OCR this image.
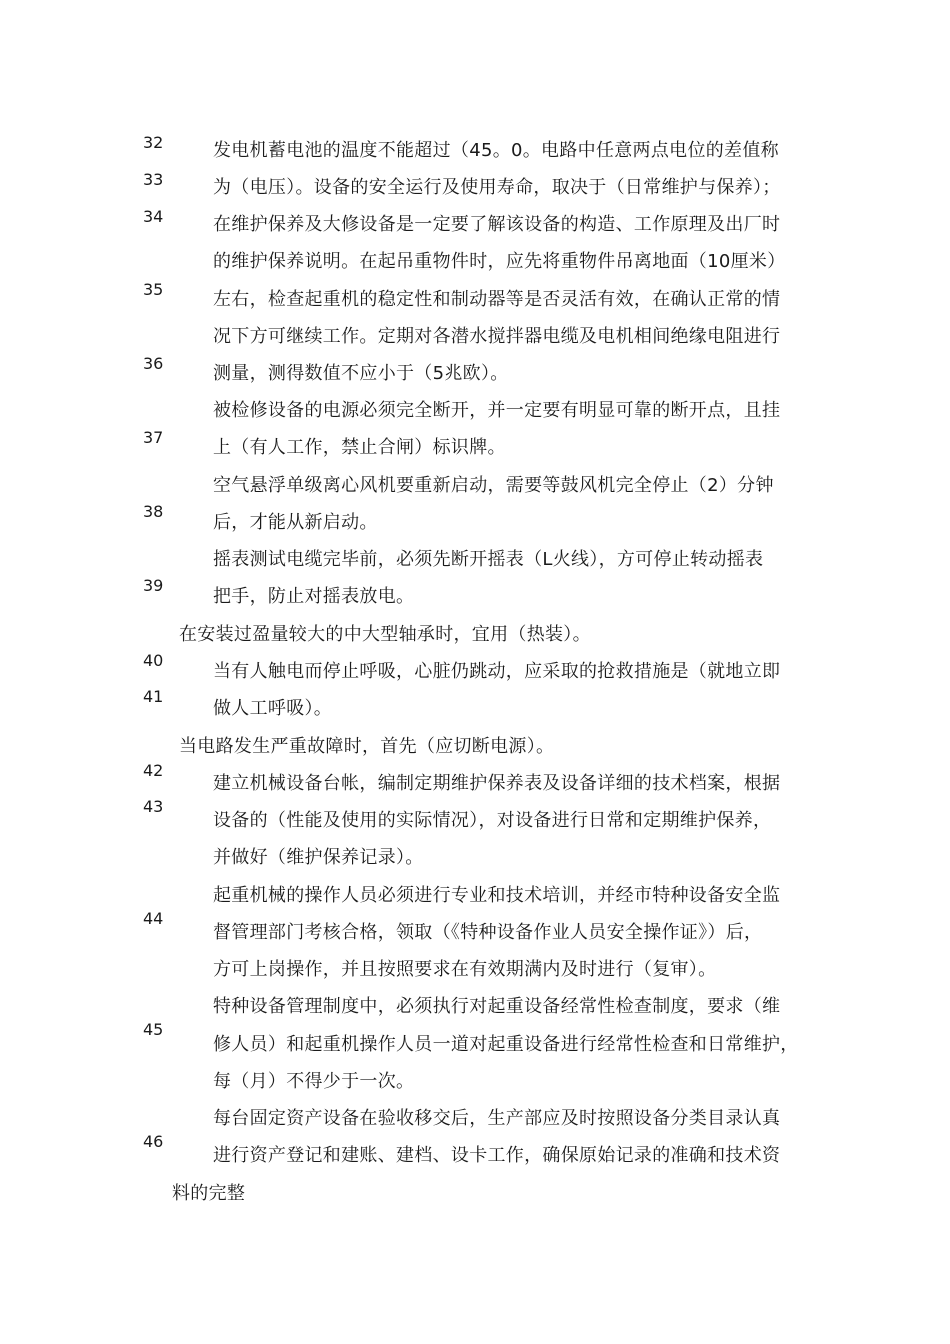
32
33
34
35
36
37
38
39
40
41
42
43
44
45
46
发电机蓄电池的温度不能超过（45。0。电路中任意两点电位的差值称
为（电压）。设备的安全运行及使用寿命，取决于（日常维护与保养）；
在维护保养及大修设备是一定要了解该设备的构造、工作原理及出厂时
的维护保养说明。在起吊重物件时，应先将重物件吊离地面（10厘米）
左右，检查起重机的稳定性和制动器等是否灵活有效，在确认正常的情
况下方可继续工作。定期对各潜水搅拌器电缆及电机相间绝缘电阻进行
测量，测得数值不应小于（5兆欧）。
被检修设备的电源必须完全断开，并一定要有明显可靠的断开点，且挂
上（有人工作，禁止合闸）标识牌。
空气悬浮单级离心风机要重新启动，需要等鼓风机完全停止（2）分钟
后，才能从新启动。
摇表测试电缆完毕前，必须先断开摇表（L火线），方可停止转动摇表
把手，防止对摇表放电。
在安装过盈量较大的中大型轴承时，宜用（热装）。
当有人触电而停止呼吸，心脏仍跳动，应采取的抢救措施是（就地立即
做人工呼吸）。
当电路发生严重故障时，首先（应切断电源）。
建立机械设备台帐，编制定期维护保养表及设备详细的技术档案，根据
设备的（性能及使用的实际情况），对设备进行日常和定期维护保养，
并做好（维护保养记录）。
起重机械的操作人员必须进行专业和技术培训，并经市特种设备安全监
督管理部门考核合格，领取（《特种设备作业人员安全操作证》）后，
方可上岗操作，并且按照要求在有效期满内及时进行（复审）。
特种设备管理制度中，必须执行对起重设备经常性检查制度，要求（维
修人员）和起重机操作人员一道对起重设备进行经常性检查和日常维护，
每（月）不得少于一次。
每台固定资产设备在验收移交后，生产部应及时按照设备分类目录认真
进行资产登记和建账、建档、设卡工作，确保原始记录的准确和技术资
料的完整
